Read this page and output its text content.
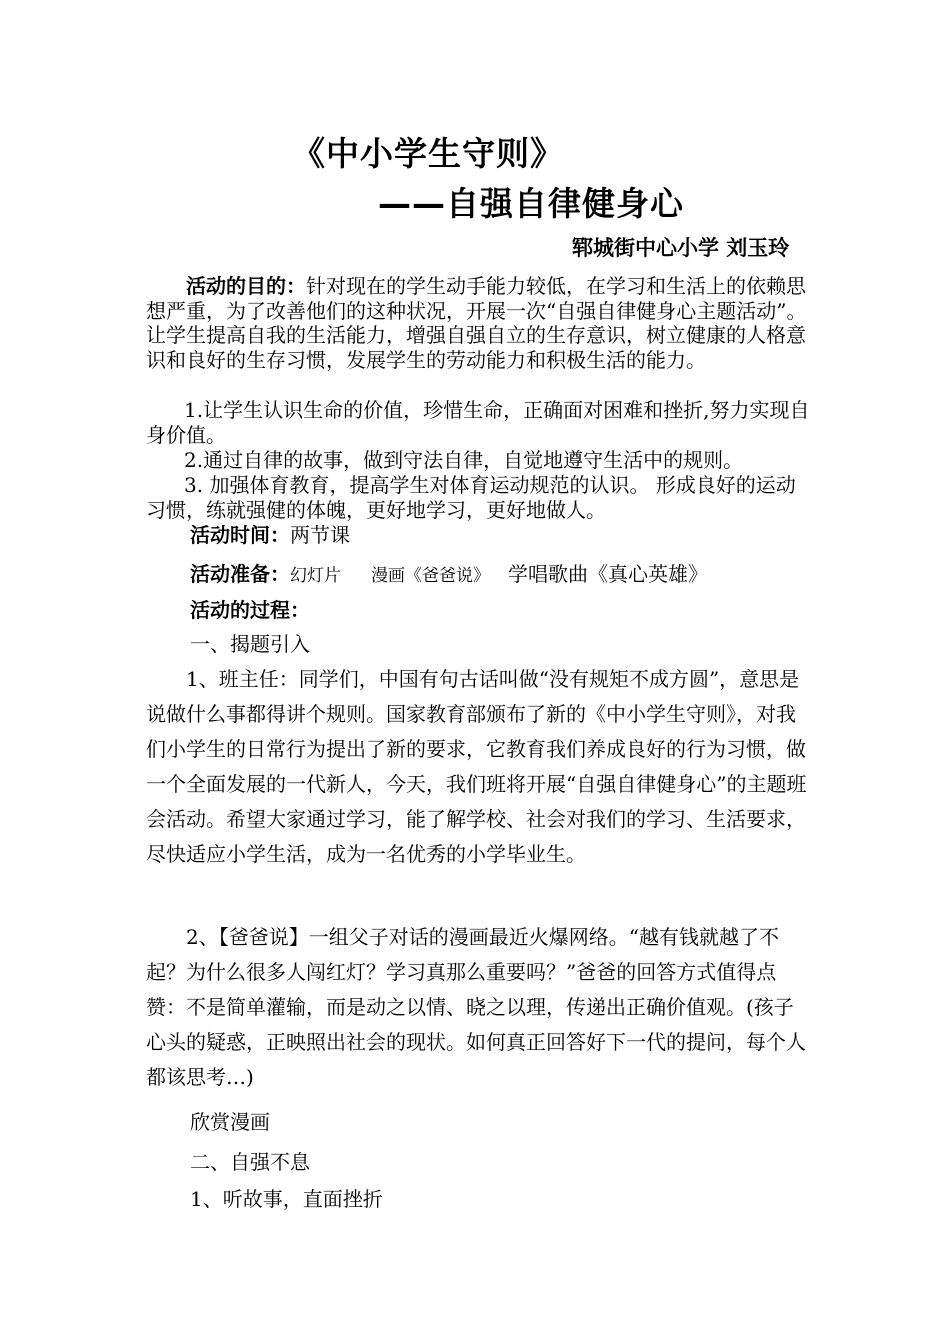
《中小学生守则》
——自强自律健身心
郓城街中心小学 刘玉玲

活动的目的：针对现在的学生动手能力较低，在学习和生活上的依赖思想严重，为了改善他们的这种状况，开展一次“自强自律健身心主题活动”。让学生提高自我的生活能力，增强自强自立的生存意识，树立健康的人格意识和良好的生存习惯，发展学生的劳动能力和积极生活的能力。

1.让学生认识生命的价值，珍惜生命，正确面对困难和挫折,努力实现自身价值。

2.通过自律的故事，做到守法自律，自觉地遵守生活中的规则。

3. 加强体育教育，提高学生对体育运动规范的认识。 形成良好的运动习惯，练就强健的体魄，更好地学习，更好地做人。

活动时间：两节课

活动准备：幻灯片 漫画《爸爸说》 学唱歌曲《真心英雄》

活动的过程：

一、揭题引入

1、班主任：同学们，中国有句古话叫做“没有规矩不成方圆”，意思是说做什么事都得讲个规则。国家教育部颁布了新的《中小学生守则》，对我们小学生的日常行为提出了新的要求，它教育我们养成良好的行为习惯，做一个全面发展的一代新人，今天，我们班将开展“自强自律健身心”的主题班会活动。希望大家通过学习，能了解学校、社会对我们的学习、生活要求，尽快适应小学生活，成为一名优秀的小学毕业生。

2、【爸爸说】一组父子对话的漫画最近火爆网络。“越有钱就越了不起？为什么很多人闯红灯？学习真那么重要吗？”爸爸的回答方式值得点赞：不是简单灌输，而是动之以情、晓之以理，传递出正确价值观。(孩子心头的疑惑，正映照出社会的现状。如何真正回答好下一代的提问，每个人都该思考…)

欣赏漫画

二、自强不息

1、听故事，直面挫折
